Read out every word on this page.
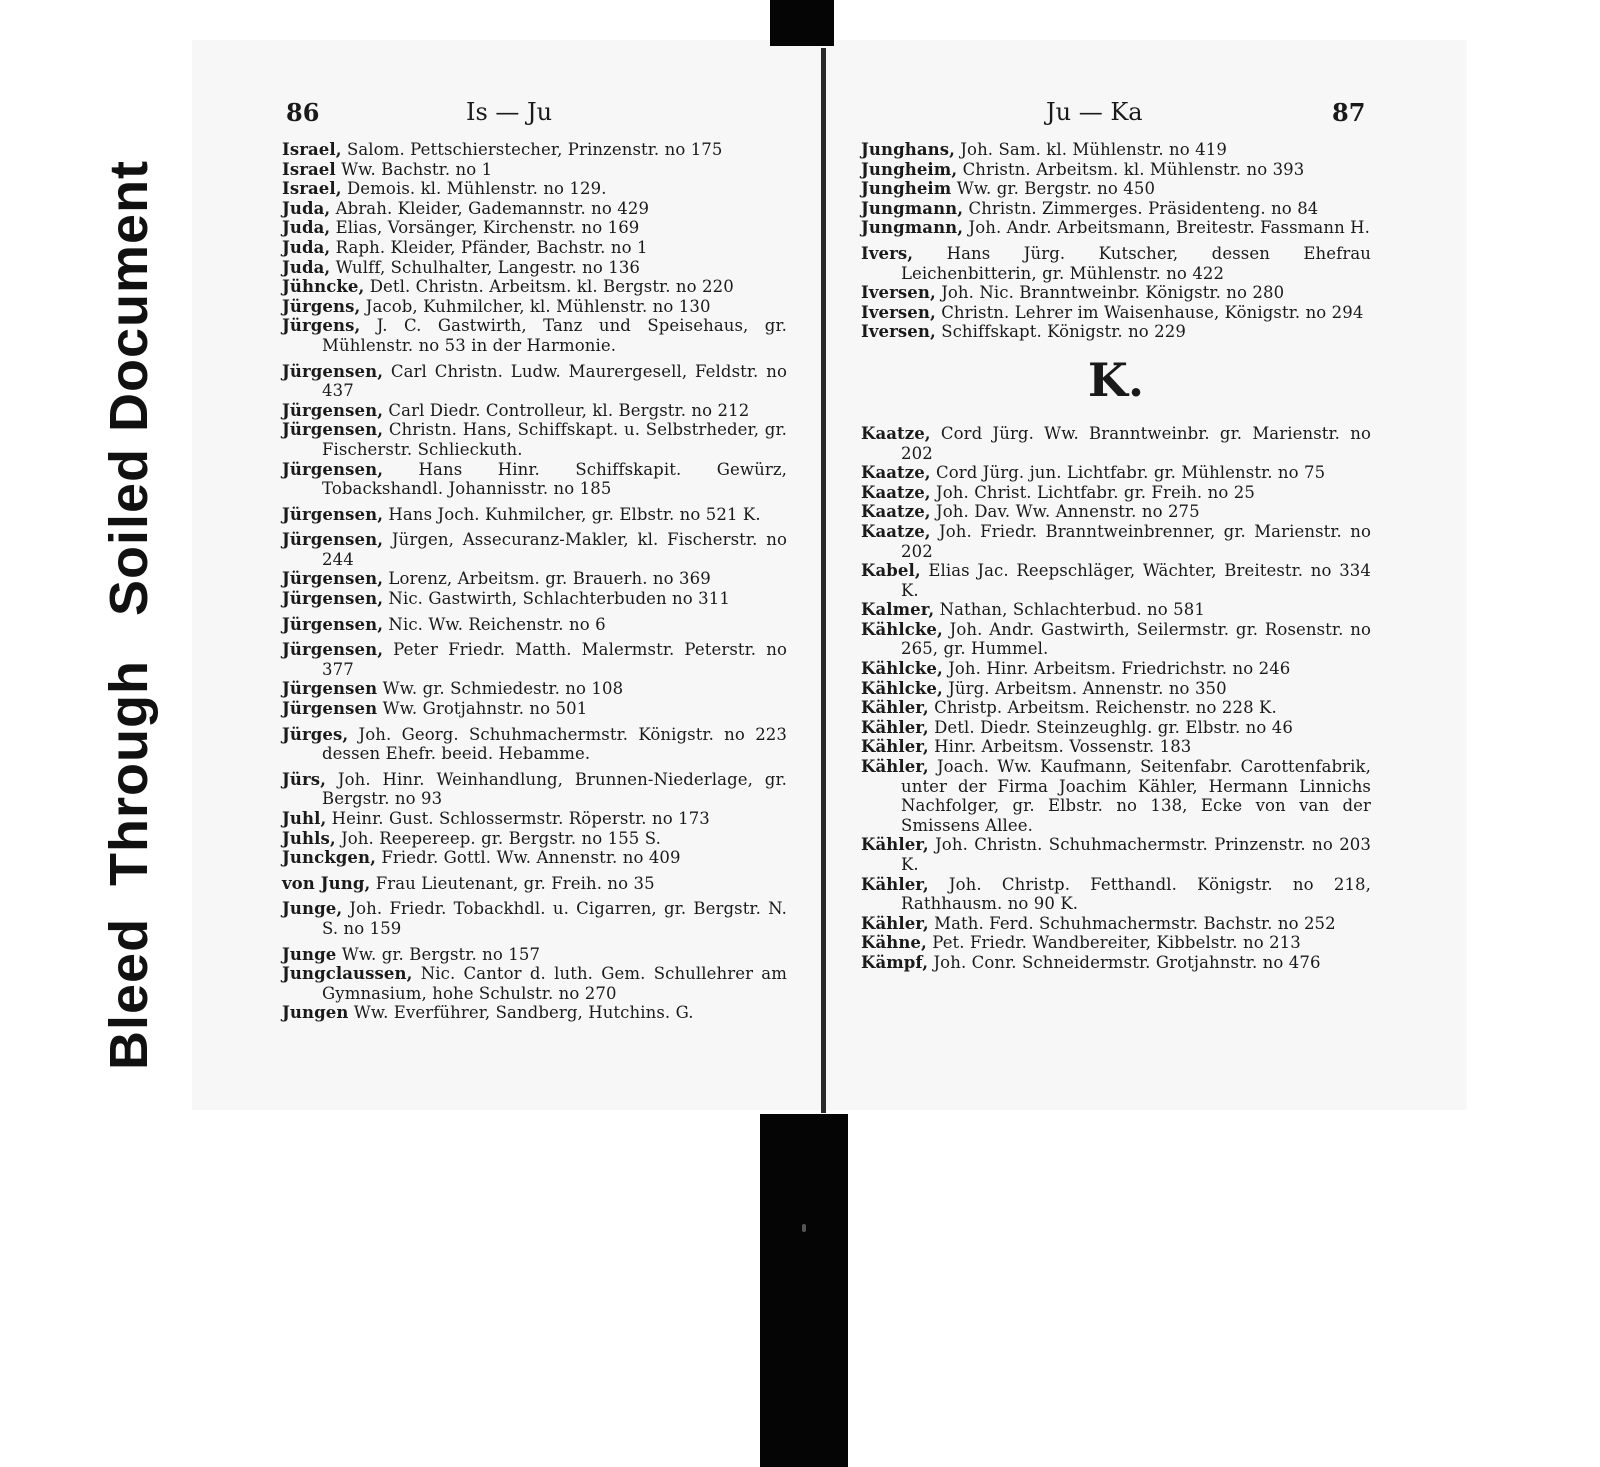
BleedThroughSoiled Document
86	Is — Ju	Ju — Ka	87

Israel, Salom. Pettschierstecher, Prinzenstr. no 175

Israel Ww. Bachstr. no 1

Israel, Demois. kl. Mühlenstr. no 129.

Juda, Abrah. Kleider, Gademannstr. no 429

Juda, Elias, Vorsänger, Kirchenstr. no 169

Juda, Raph. Kleider, Pfänder, Bachstr. no 1

Juda, Wulff, Schulhalter, Langestr. no 136

Jühncke, Detl. Christn. Arbeitsm. kl. Bergstr. no 220

Jürgens, Jacob, Kuhmilcher, kl. Mühlenstr. no 130

Jürgens, J. C. Gastwirth, Tanz und Speisehaus, gr. Mühlenstr. no 53 in der Harmonie.

Jürgensen, Carl Christn. Ludw. Maurergesell, Feldstr. no 437

Jürgensen, Carl Diedr. Controlleur, kl. Bergstr. no 212

Jürgensen, Christn. Hans, Schiffskapt. u. Selbstrheder, gr. Fischerstr. Schlieckuth.

Jürgensen, Hans Hinr. Schiffskapit. Gewürz, Tobackshandl. Johannisstr. no 185

Jürgensen, Hans Joch. Kuhmilcher, gr. Elbstr. no 521 K.

Jürgensen, Jürgen, Assecuranz-Makler, kl. Fischerstr. no 244

Jürgensen, Lorenz, Arbeitsm. gr. Brauerh. no 369

Jürgensen, Nic. Gastwirth, Schlachterbuden no 311

Jürgensen, Nic. Ww. Reichenstr. no 6

Jürgensen, Peter Friedr. Matth. Malermstr. Peterstr. no 377

Jürgensen Ww. gr. Schmiedestr. no 108

Jürgensen Ww. Grotjahnstr. no 501

Jürges, Joh. Georg. Schuhmachermstr. Königstr. no 223 dessen Ehefr. beeid. Hebamme.

Jürs, Joh. Hinr. Weinhandlung, Brunnen-Niederlage, gr. Bergstr. no 93

Juhl, Heinr. Gust. Schlossermstr. Röperstr. no 173

Juhls, Joh. Reepereep. gr. Bergstr. no 155 S.

Junckgen, Friedr. Gottl. Ww. Annenstr. no 409

von Jung, Frau Lieutenant, gr. Freih. no 35

Junge, Joh. Friedr. Tobackhdl. u. Cigarren, gr. Bergstr. N. S. no 159

Junge Ww. gr. Bergstr. no 157

Jungclaussen, Nic. Cantor d. luth. Gem. Schullehrer am Gymnasium, hohe Schulstr. no 270

Jungen Ww. Everführer, Sandberg, Hutchins. G.

Junghans, Joh. Sam. kl. Mühlenstr. no 419

Jungheim, Christn. Arbeitsm. kl. Mühlenstr. no 393

Jungheim Ww. gr. Bergstr. no 450

Jungmann, Christn. Zimmerges. Präsidenteng. no 84

Jungmann, Joh. Andr. Arbeitsmann, Breitestr. Fassmann H.

Ivers, Hans Jürg. Kutscher, dessen Ehefrau Leichenbitterin, gr. Mühlenstr. no 422

Iversen, Joh. Nic. Branntweinbr. Königstr. no 280

Iversen, Christn. Lehrer im Waisenhause, Königstr. no 294

Iversen, Schiffskapt. Königstr. no 229

K.

Kaatze, Cord Jürg. Ww. Branntweinbr. gr. Marienstr. no 202

Kaatze, Cord Jürg. jun. Lichtfabr. gr. Mühlenstr. no 75

Kaatze, Joh. Christ. Lichtfabr. gr. Freih. no 25

Kaatze, Joh. Dav. Ww. Annenstr. no 275

Kaatze, Joh. Friedr. Branntweinbrenner, gr. Marienstr. no 202

Kabel, Elias Jac. Reepschläger, Wächter, Breitestr. no 334 K.

Kalmer, Nathan, Schlachterbud. no 581

Kählcke, Joh. Andr. Gastwirth, Seilermstr. gr. Rosenstr. no 265, gr. Hummel.

Kählcke, Joh. Hinr. Arbeitsm. Friedrichstr. no 246

Kählcke, Jürg. Arbeitsm. Annenstr. no 350

Kähler, Christp. Arbeitsm. Reichenstr. no 228 K.

Kähler, Detl. Diedr. Steinzeughlg. gr. Elbstr. no 46

Kähler, Hinr. Arbeitsm. Vossenstr. 183

Kähler, Joach. Ww. Kaufmann, Seitenfabr. Carottenfabrik, unter der Firma Joachim Kähler, Hermann Linnichs Nachfolger, gr. Elbstr. no 138, Ecke von van der Smissens Allee.

Kähler, Joh. Christn. Schuhmachermstr. Prinzenstr. no 203 K.

Kähler, Joh. Christp. Fetthandl. Königstr. no 218, Rathhausm. no 90 K.

Kähler, Math. Ferd. Schuhmachermstr. Bachstr. no 252

Kähne, Pet. Friedr. Wandbereiter, Kibbelstr. no 213

Kämpf, Joh. Conr. Schneidermstr. Grotjahnstr. no 476
